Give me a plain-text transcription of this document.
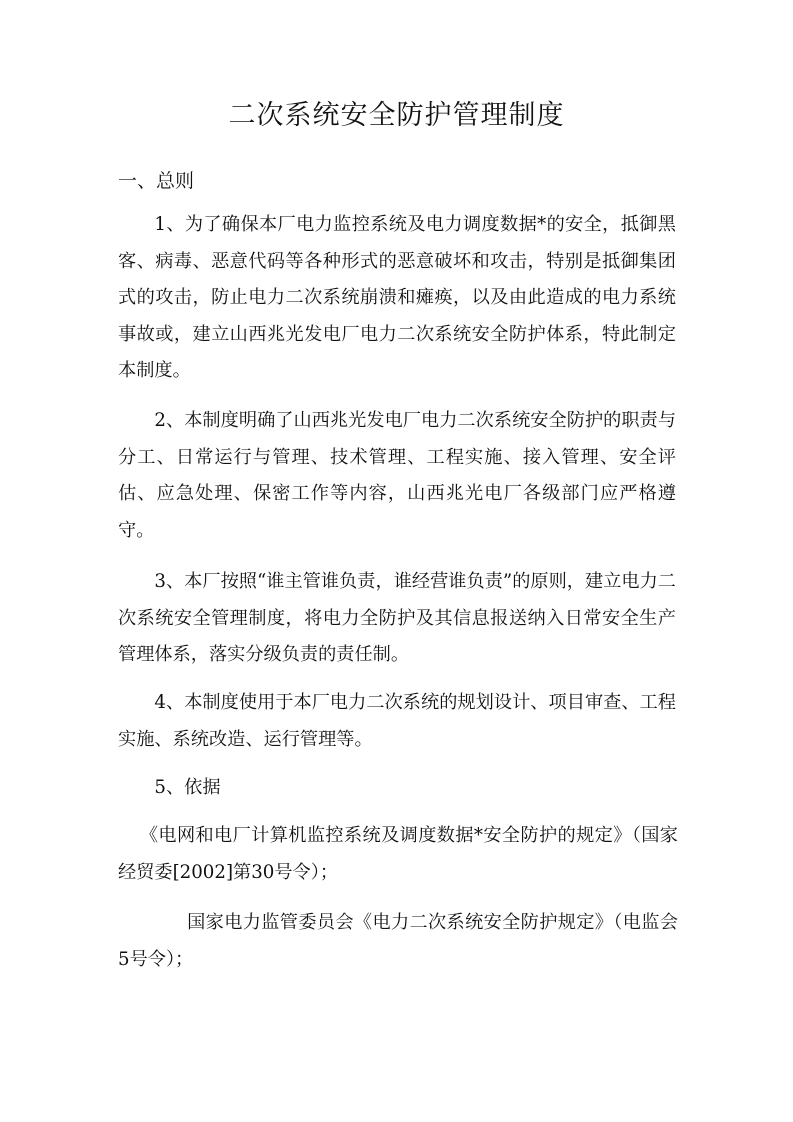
二次系统安全防护管理制度

一、总则

1、为了确保本厂电力监控系统及电力调度数据*的安全，抵御黑客、病毒、恶意代码等各种形式的恶意破坏和攻击，特别是抵御集团式的攻击，防止电力二次系统崩溃和瘫痪，以及由此造成的电力系统事故或，建立山西兆光发电厂电力二次系统安全防护体系，特此制定本制度。

2、本制度明确了山西兆光发电厂电力二次系统安全防护的职责与分工、日常运行与管理、技术管理、工程实施、接入管理、安全评估、应急处理、保密工作等内容，山西兆光电厂各级部门应严格遵守。

3、本厂按照“谁主管谁负责，谁经营谁负责”的原则，建立电力二次系统安全管理制度，将电力全防护及其信息报送纳入日常安全生产管理体系，落实分级负责的责任制。

4、本制度使用于本厂电力二次系统的规划设计、项目审查、工程实施、系统改造、运行管理等。

5、依据

《电网和电厂计算机监控系统及调度数据*安全防护的规定》（国家经贸委[2002]第30号令）；

国家电力监管委员会《电力二次系统安全防护规定》（电监会5号令）；
